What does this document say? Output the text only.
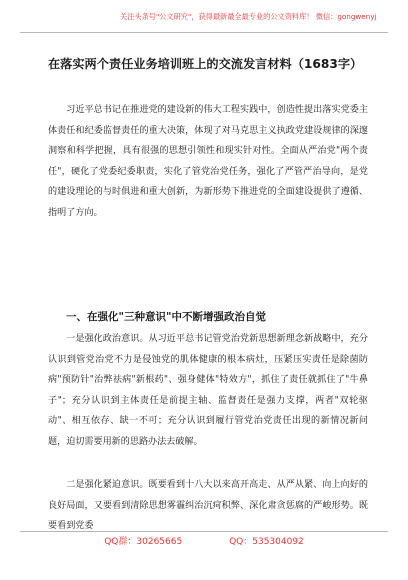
关注头条号"公文研究"，获得最新最全最专业的公文资料库！ 微信：gongwenyj
在落实两个责任业务培训班上的交流发言材料（1683字）
习近平总书记在推进党的建设新的伟大工程实践中，创造性提出落实党委主体责任和纪委监督责任的重大决策，体现了对马克思主义执政党建设规律的深邃洞察和科学把握，具有很强的思想引领性和现实针对性。全面从严治党"两个责任"，硬化了党委纪委职责，实化了管党治党任务，强化了严管严治导向，是党的建设理论的与时俱进和重大创新，为新形势下推进党的全面建设提供了遵循、指明了方向。
一、在强化"三种意识"中不断增强政治自觉
一是强化政治意识。从习近平总书记管党治党新思想新理念新战略中，充分认识到管党治党不力是侵蚀党的肌体健康的根本病灶，压紧压实责任是除菌防病"预防针"治弊祛病"新根药"、强身健体"特效方"，抓住了责任就抓住了"牛鼻子"；充分认识到主体责任是前提主轴、监督责任是强力支撑，两者"双轮驱动"、相互依存、缺一不可；充分认识到履行管党治党责任出现的新情况新问题，迫切需要用新的思路办法去破解。
二是强化紧迫意识。既要看到十八大以来高开高走、从严从紧、向上向好的良好局面，又要看到清除思想雾霾纠治沉疴积弊、深化肃贪惩腐的严峻形势。既要看到党委
QQ群：30265665	QQ：535304092
